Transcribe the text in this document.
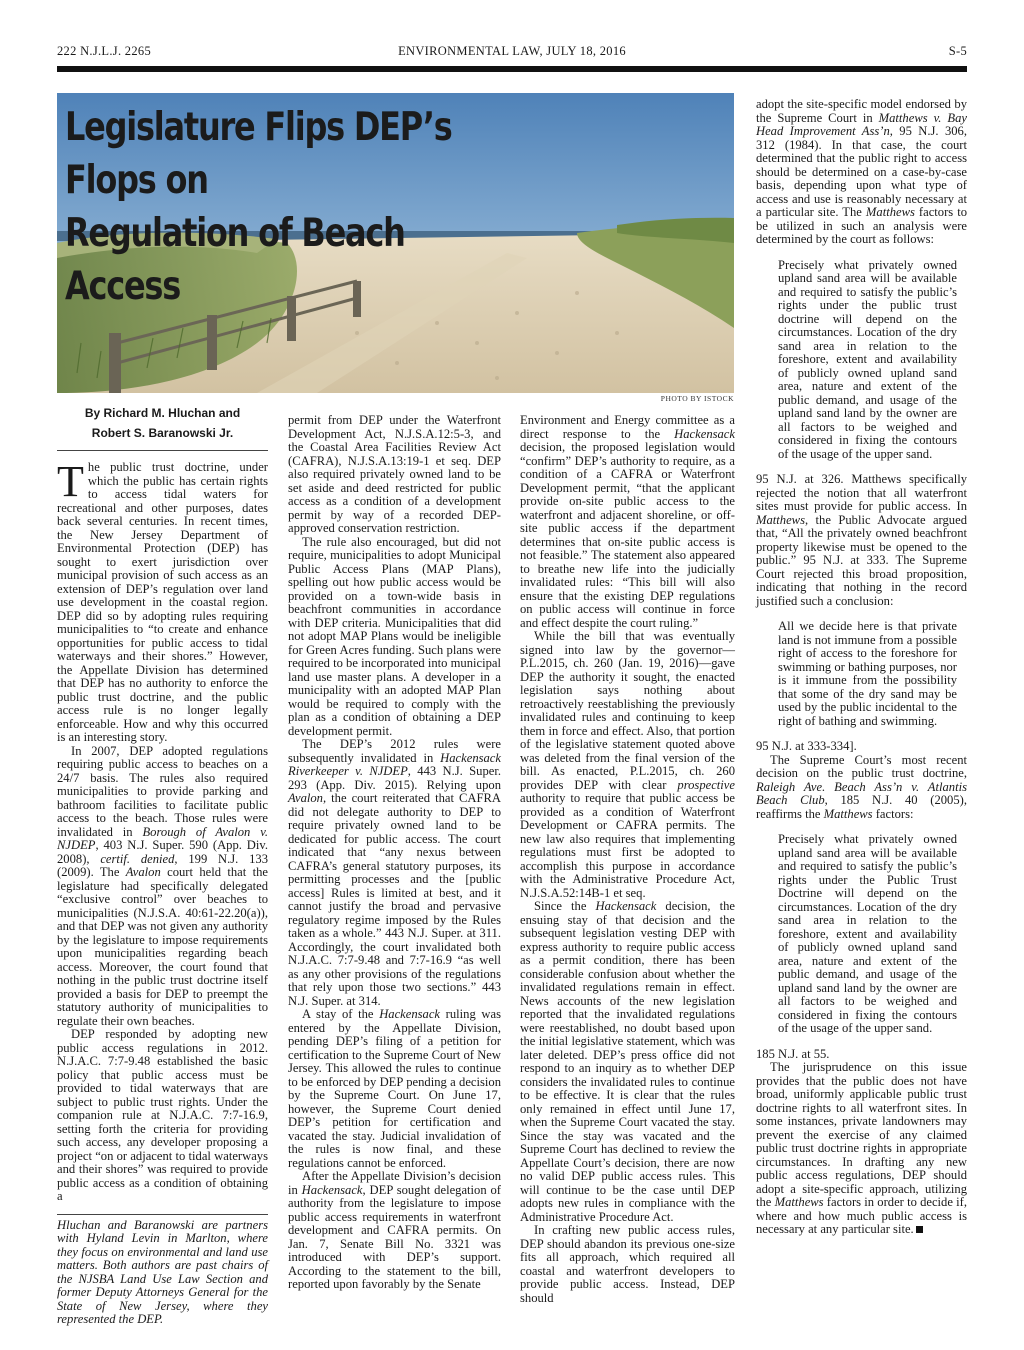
222 N.J.L.J. 2265	ENVIRONMENTAL LAW, JULY 18, 2016	S-5
Legislature Flips DEP’s Flops on
Regulation of Beach Access
PHOTO BY ISTOCK
By Richard M. Hluchan and
Robert S. Baranowski Jr.

The public trust doctrine, under which the public has certain rights to access tidal waters for recreational and other purposes, dates back several centuries. In recent times, the New Jersey Department of Environmental Protection (DEP) has sought to exert jurisdiction over municipal provision of such access as an extension of DEP’s regulation over land use development in the coastal region. DEP did so by adopting rules requiring municipalities to “to create and enhance opportunities for public access to tidal waterways and their shores.” However, the Appellate Division has determined that DEP has no authority to enforce the public trust doctrine, and the public access rule is no longer legally enforceable. How and why this occurred is an interesting story.

In 2007, DEP adopted regulations requiring public access to beaches on a 24/7 basis. The rules also required municipalities to provide parking and bathroom facilities to facilitate public access to the beach. Those rules were invalidated in Borough of Avalon v. NJDEP, 403 N.J. Super. 590 (App. Div. 2008), certif. denied, 199 N.J. 133 (2009). The Avalon court held that the legislature had specifically delegated “exclusive control” over beaches to municipalities (N.J.S.A. 40:61-22.20(a)), and that DEP was not given any authority by the legislature to impose requirements upon municipalities regarding beach access. Moreover, the court found that nothing in the public trust doctrine itself provided a basis for DEP to preempt the statutory authority of municipalities to regulate their own beaches.

DEP responded by adopting new public access regulations in 2012. N.J.A.C. 7:7-9.48 established the basic policy that public access must be provided to tidal waterways that are subject to public trust rights. Under the companion rule at N.J.A.C. 7:7-16.9, setting forth the criteria for providing such access, any developer proposing a project “on or adjacent to tidal waterways and their shores” was required to provide public access as a condition of obtaining a

Hluchan and Baranowski are partners with Hyland Levin in Marlton, where they focus on environmental and land use matters. Both authors are past chairs of the NJSBA Land Use Law Section and former Deputy Attorneys General for the State of New Jersey, where they represented the DEP.

permit from DEP under the Waterfront Development Act, N.J.S.A.12:5-3, and the Coastal Area Facilities Review Act (CAFRA), N.J.S.A.13:19-1 et seq. DEP also required privately owned land to be set aside and deed restricted for public access as a condition of a development permit by way of a recorded DEP-approved conservation restriction.

The rule also encouraged, but did not require, municipalities to adopt Municipal Public Access Plans (MAP Plans), spelling out how public access would be provided on a town-wide basis in beachfront communities in accordance with DEP criteria. Municipalities that did not adopt MAP Plans would be ineligible for Green Acres funding. Such plans were required to be incorporated into municipal land use master plans. A developer in a municipality with an adopted MAP Plan would be required to comply with the plan as a condition of obtaining a DEP development permit.

The DEP’s 2012 rules were subsequently invalidated in Hackensack Riverkeeper v. NJDEP, 443 N.J. Super. 293 (App. Div. 2015). Relying upon Avalon, the court reiterated that CAFRA did not delegate authority to DEP to require privately owned land to be dedicated for public access. The court indicated that “any nexus between CAFRA’s general statutory purposes, its permitting processes and the [public access] Rules is limited at best, and it cannot justify the broad and pervasive regulatory regime imposed by the Rules taken as a whole.” 443 N.J. Super. at 311. Accordingly, the court invalidated both N.J.A.C. 7:7-9.48 and 7:7-16.9 “as well as any other provisions of the regulations that rely upon those two sections.” 443 N.J. Super. at 314.

A stay of the Hackensack ruling was entered by the Appellate Division, pending DEP’s filing of a petition for certification to the Supreme Court of New Jersey. This allowed the rules to continue to be enforced by DEP pending a decision by the Supreme Court. On June 17, however, the Supreme Court denied DEP’s petition for certification and vacated the stay. Judicial invalidation of the rules is now final, and these regulations cannot be enforced.

After the Appellate Division’s decision in Hackensack, DEP sought delegation of authority from the legislature to impose public access requirements in waterfront development and CAFRA permits. On Jan. 7, Senate Bill No. 3321 was introduced with DEP’s support. According to the statement to the bill, reported upon favorably by the Senate

Environment and Energy committee as a direct response to the Hackensack decision, the proposed legislation would “confirm” DEP’s authority to require, as a condition of a CAFRA or Waterfront Development permit, “that the applicant provide on-site public access to the waterfront and adjacent shoreline, or off-site public access if the department determines that on-site public access is not feasible.” The statement also appeared to breathe new life into the judicially invalidated rules: “This bill will also ensure that the existing DEP regulations on public access will continue in force and effect despite the court ruling.”

While the bill that was eventually signed into law by the governor—P.L.2015, ch. 260 (Jan. 19, 2016)—gave DEP the authority it sought, the enacted legislation says nothing about retroactively reestablishing the previously invalidated rules and continuing to keep them in force and effect. Also, that portion of the legislative statement quoted above was deleted from the final version of the bill. As enacted, P.L.2015, ch. 260 provides DEP with clear prospective authority to require that public access be provided as a condition of Waterfront Development or CAFRA permits. The new law also requires that implementing regulations must first be adopted to accomplish this purpose in accordance with the Administrative Procedure Act, N.J.S.A.52:14B-1 et seq.

Since the Hackensack decision, the ensuing stay of that decision and the subsequent legislation vesting DEP with express authority to require public access as a permit condition, there has been considerable confusion about whether the invalidated regulations remain in effect. News accounts of the new legislation reported that the invalidated regulations were reestablished, no doubt based upon the initial legislative statement, which was later deleted. DEP’s press office did not respond to an inquiry as to whether DEP considers the invalidated rules to continue to be effective. It is clear that the rules only remained in effect until June 17, when the Supreme Court vacated the stay. Since the stay was vacated and the Supreme Court has declined to review the Appellate Court’s decision, there are now no valid DEP public access rules. This will continue to be the case until DEP adopts new rules in compliance with the Administrative Procedure Act.

In crafting new public access rules, DEP should abandon its previous one-size fits all approach, which required all coastal and waterfront developers to provide public access. Instead, DEP should

adopt the site-specific model endorsed by the Supreme Court in Matthews v. Bay Head Improvement Ass’n, 95 N.J. 306, 312 (1984). In that case, the court determined that the public right to access should be determined on a case-by-case basis, depending upon what type of access and use is reasonably necessary at a particular site. The Matthews factors to be utilized in such an analysis were determined by the court as follows:

Precisely what privately owned upland sand area will be available and required to satisfy the public’s rights under the public trust doctrine will depend on the circumstances. Location of the dry sand area in relation to the foreshore, extent and availability of publicly owned upland sand area, nature and extent of the public demand, and usage of the upland sand land by the owner are all factors to be weighed and considered in fixing the contours of the usage of the upper sand.

95 N.J. at 326. Matthews specifically rejected the notion that all waterfront sites must provide for public access. In Matthews, the Public Advocate argued that, “All the privately owned beachfront property likewise must be opened to the public.” 95 N.J. at 333. The Supreme Court rejected this broad proposition, indicating that nothing in the record justified such a conclusion:

All we decide here is that private land is not immune from a possible right of access to the foreshore for swimming or bathing purposes, nor is it immune from the possibility that some of the dry sand may be used by the public incidental to the right of bathing and swimming.

95 N.J. at 333-334].

The Supreme Court’s most recent decision on the public trust doctrine, Raleigh Ave. Beach Ass’n v. Atlantis Beach Club, 185 N.J. 40 (2005), reaffirms the Matthews factors:

Precisely what privately owned upland sand area will be available and required to satisfy the public’s rights under the Public Trust Doctrine will depend on the circumstances. Location of the dry sand area in relation to the foreshore, extent and availability of publicly owned upland sand area, nature and extent of the public demand, and usage of the upland sand land by the owner are all factors to be weighed and considered in fixing the contours of the usage of the upper sand.

185 N.J. at 55.

The jurisprudence on this issue provides that the public does not have broad, uniformly applicable public trust doctrine rights to all waterfront sites. In some instances, private landowners may prevent the exercise of any claimed public trust doctrine rights in appropriate circumstances. In drafting any new public access regulations, DEP should adopt a site-specific approach, utilizing the Matthews factors in order to decide if, where and how much public access is necessary at any particular site.
